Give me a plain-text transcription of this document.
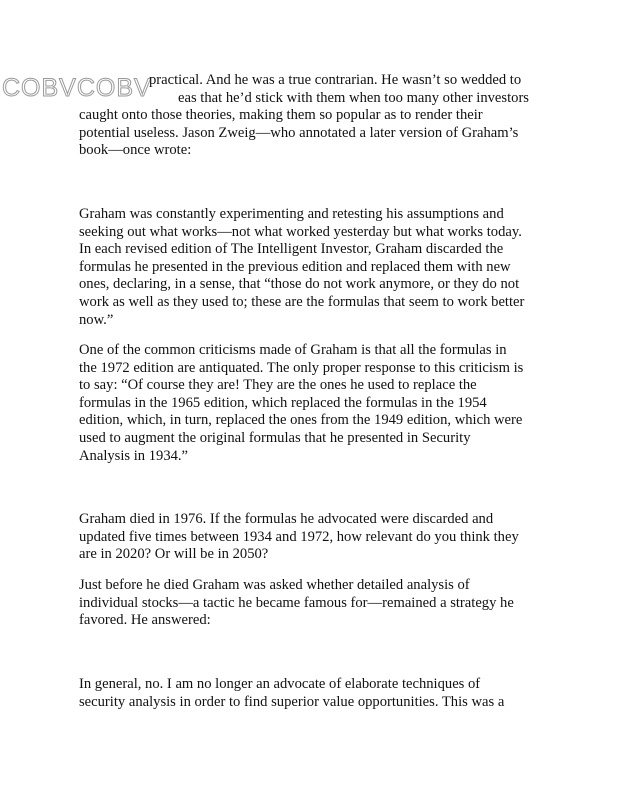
COBVCOBV
practical. And he was a true contrarian. He wasn’t so wedded to
eas that he’d stick with them when too many other investors
caught onto those theories, making them so popular as to render their
potential useless. Jason Zweig—who annotated a later version of Graham’s
book—once wrote:
Graham was constantly experimenting and retesting his assumptions and
seeking out what works—not what worked yesterday but what works today.
In each revised edition of The Intelligent Investor, Graham discarded the
formulas he presented in the previous edition and replaced them with new
ones, declaring, in a sense, that “those do not work anymore, or they do not
work as well as they used to; these are the formulas that seem to work better
now.”
One of the common criticisms made of Graham is that all the formulas in
the 1972 edition are antiquated. The only proper response to this criticism is
to say: “Of course they are! They are the ones he used to replace the
formulas in the 1965 edition, which replaced the formulas in the 1954
edition, which, in turn, replaced the ones from the 1949 edition, which were
used to augment the original formulas that he presented in Security
Analysis in 1934.”
Graham died in 1976. If the formulas he advocated were discarded and
updated five times between 1934 and 1972, how relevant do you think they
are in 2020? Or will be in 2050?
Just before he died Graham was asked whether detailed analysis of
individual stocks—a tactic he became famous for—remained a strategy he
favored. He answered:
In general, no. I am no longer an advocate of elaborate techniques of
security analysis in order to find superior value opportunities. This was a
